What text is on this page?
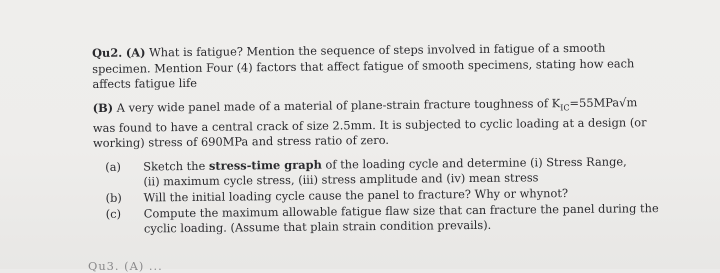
Qu2. (A) What is fatigue? Mention the sequence of steps involved in fatigue of a smooth specimen. Mention Four (4) factors that affect fatigue of smooth specimens, stating how each affects fatigue life

(B) A very wide panel made of a material of plane-strain fracture toughness of $K_{IC}=55MPa√m$ was found to have a central crack of size 2.5mm. It is subjected to cyclic loading at a design (or working) stress of 690MPa and stress ratio of zero.

(a)	Sketch the stress-time graph of the loading cycle and determine (i) Stress Range,
(ii) maximum cycle stress, (iii) stress amplitude and (iv) mean stress
(b)	Will the initial loading cycle cause the panel to fracture? Why or whynot?
(c)	Compute the maximum allowable fatigue flaw size that can fracture the panel during the cyclic loading. (Assume that plain strain condition prevails).
Qu3. (A) ...
